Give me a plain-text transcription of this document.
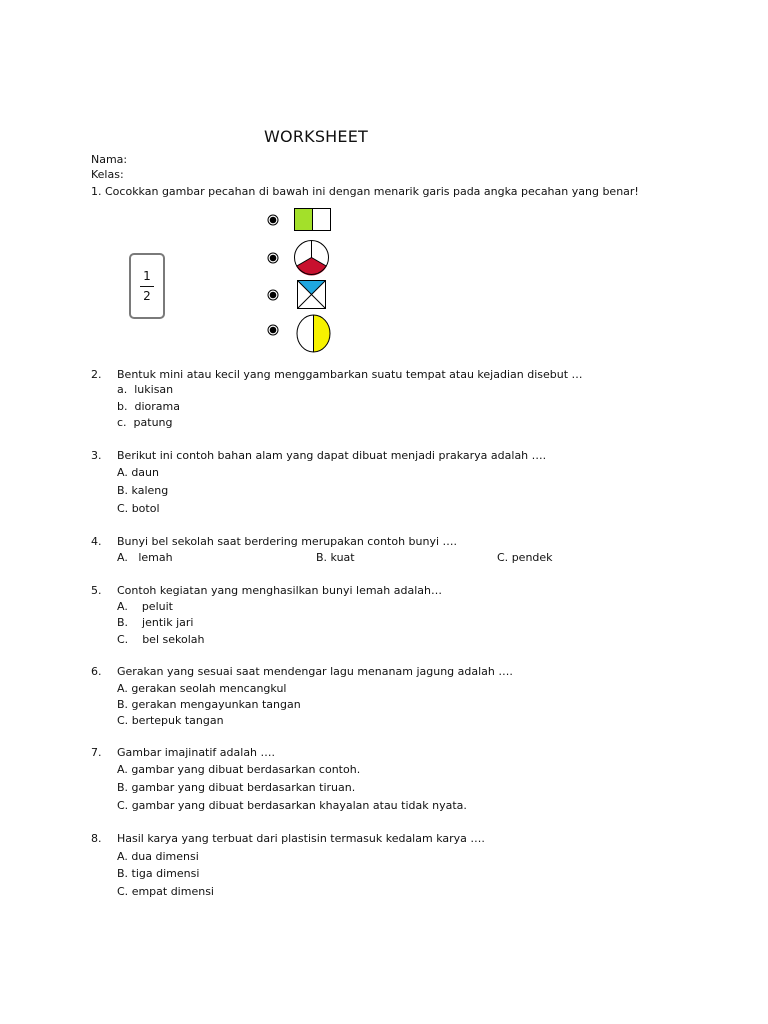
WORKSHEET
Nama:
Kelas:
1. Cocokkan gambar pecahan di bawah ini dengan menarik garis pada angka pecahan yang benar!
1
2
2. Bentuk mini atau kecil yang menggambarkan suatu tempat atau kejadian disebut …
a. lukisan
b. diorama
c. patung
3. Berikut ini contoh bahan alam yang dapat dibuat menjadi prakarya adalah ….
A. daun
B. kaleng
C. botol
4. Bunyi bel sekolah saat berdering merupakan contoh bunyi ….
A. lemah	B. kuat	C. pendek
5. Contoh kegiatan yang menghasilkan bunyi lemah adalah…
A. peluit
B. jentik jari
C. bel sekolah
6. Gerakan yang sesuai saat mendengar lagu menanam jagung adalah ….
A. gerakan seolah mencangkul
B. gerakan mengayunkan tangan
C. bertepuk tangan
7. Gambar imajinatif adalah ….
A. gambar yang dibuat berdasarkan contoh.
B. gambar yang dibuat berdasarkan tiruan.
C. gambar yang dibuat berdasarkan khayalan atau tidak nyata.
8. Hasil karya yang terbuat dari plastisin termasuk kedalam karya ….
A. dua dimensi
B. tiga dimensi
C. empat dimensi
